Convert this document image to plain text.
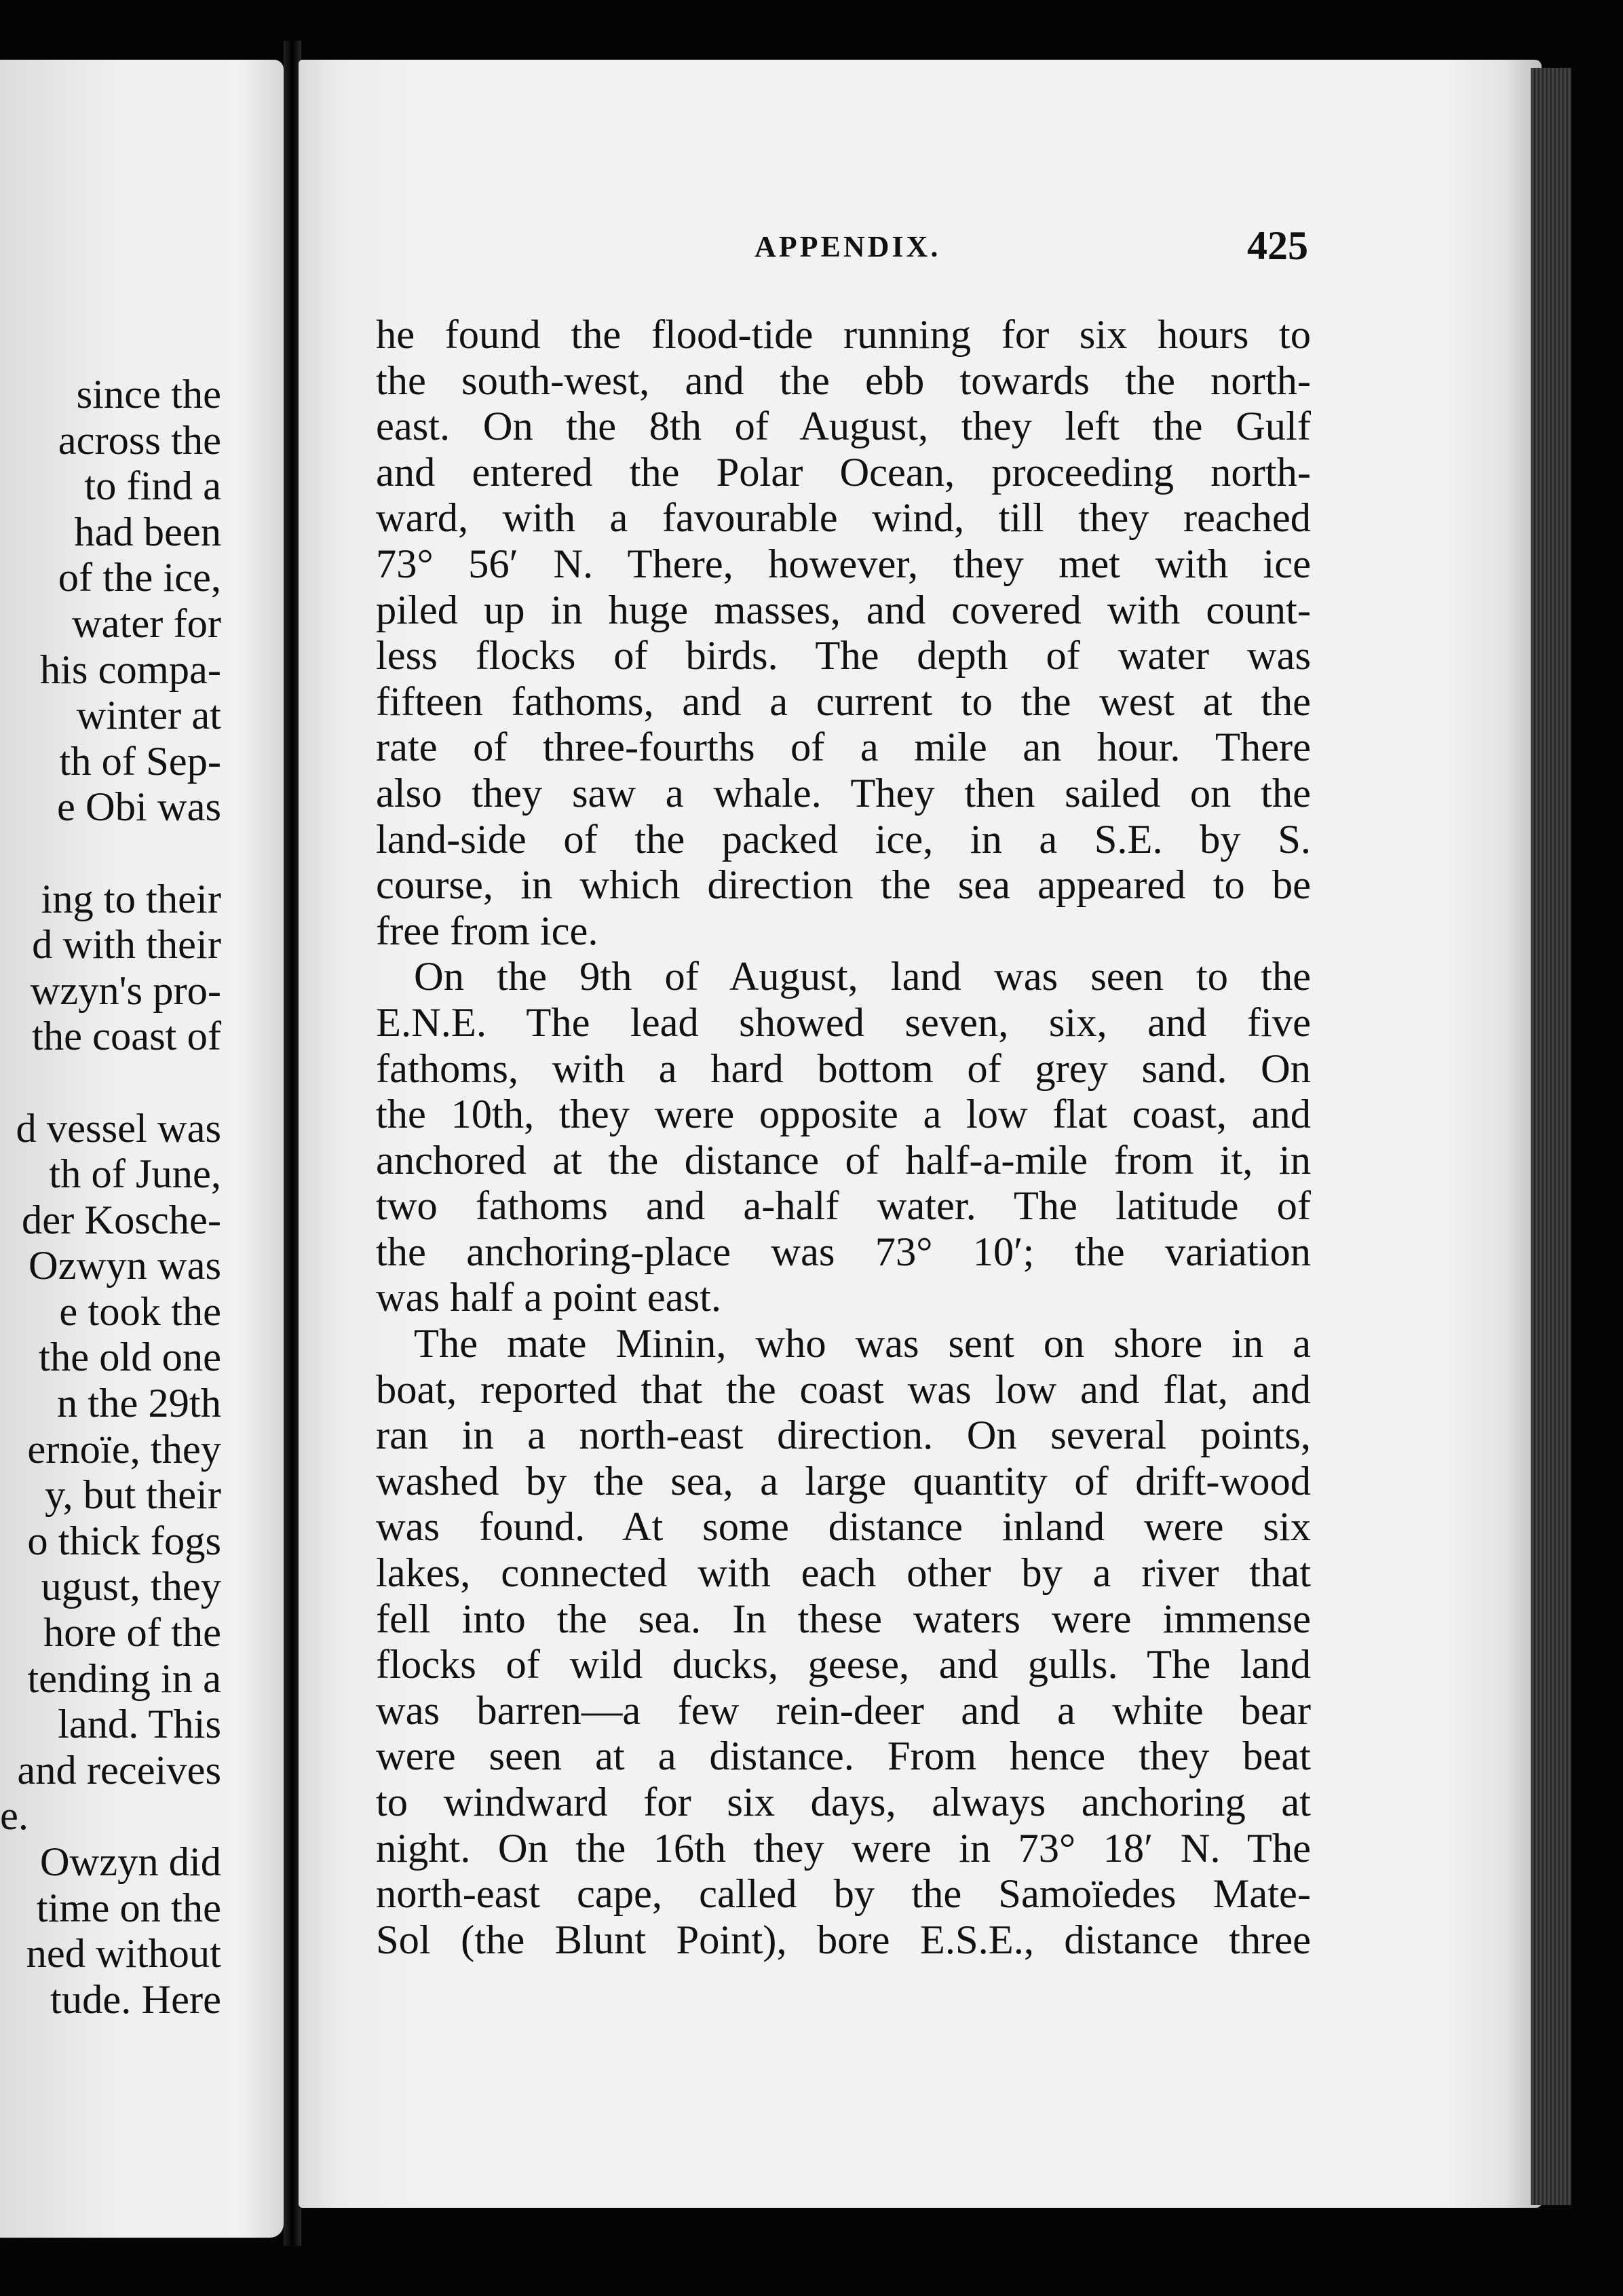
since the
across the
to find a
had been
of the ice,
water for
his compa-
winter at
th of Sep-
e Obi was
ing to their
d with their
wzyn's pro-
the coast of
d vessel was
th of June,
der Kosche-
Ozwyn was
e took the
the old one
n the 29th
ernoïe, they
y, but their
o thick fogs
ugust, they
hore of the
tending in a
land. This
and receives
e.
Owzyn did
time on the
ned without
tude. Here
APPENDIX.	425
he found the flood-tide running for six hours to
the south-west, and the ebb towards the north-
east. On the 8th of August, they left the Gulf
and entered the Polar Ocean, proceeding north-
ward, with a favourable wind, till they reached
73° 56′ N. There, however, they met with ice
piled up in huge masses, and covered with count-
less flocks of birds. The depth of water was
fifteen fathoms, and a current to the west at the
rate of three-fourths of a mile an hour. There
also they saw a whale. They then sailed on the
land-side of the packed ice, in a S.E. by S.
course, in which direction the sea appeared to be
free from ice.
On the 9th of August, land was seen to the
E.N.E. The lead showed seven, six, and five
fathoms, with a hard bottom of grey sand. On
the 10th, they were opposite a low flat coast, and
anchored at the distance of half-a-mile from it, in
two fathoms and a-half water. The latitude of
the anchoring-place was 73° 10′; the variation
was half a point east.
The mate Minin, who was sent on shore in a
boat, reported that the coast was low and flat, and
ran in a north-east direction. On several points,
washed by the sea, a large quantity of drift-wood
was found. At some distance inland were six
lakes, connected with each other by a river that
fell into the sea. In these waters were immense
flocks of wild ducks, geese, and gulls. The land
was barren—a few rein-deer and a white bear
were seen at a distance. From hence they beat
to windward for six days, always anchoring at
night. On the 16th they were in 73° 18′ N. The
north-east cape, called by the Samoïedes Mate-
Sol (the Blunt Point), bore E.S.E., distance three
